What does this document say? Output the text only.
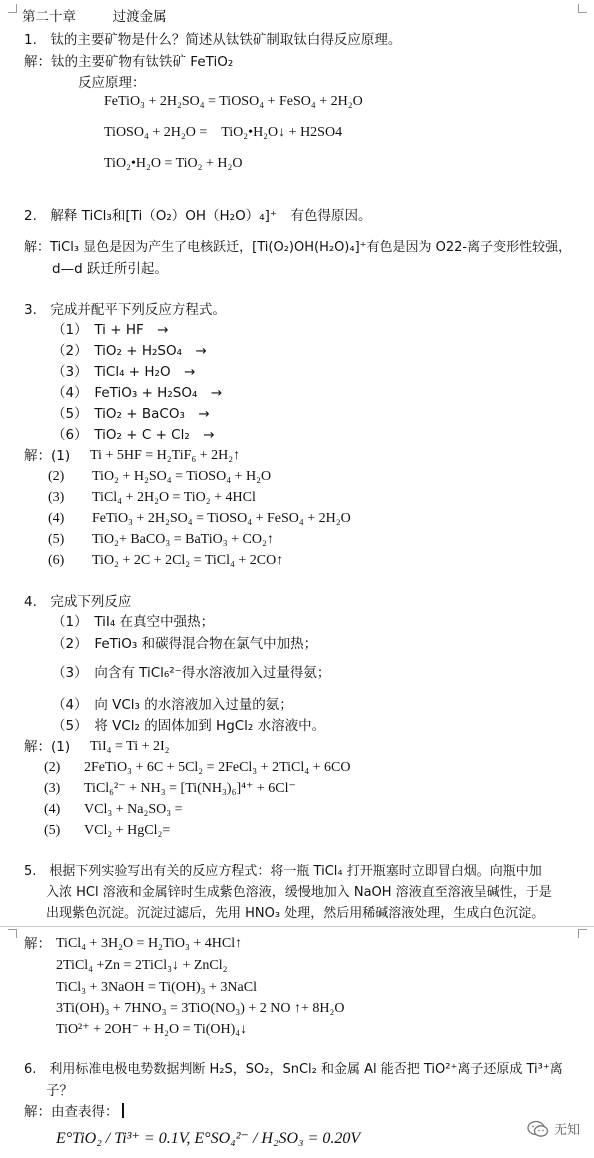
第二十章	过渡金属
1.　钛的主要矿物是什么？简述从钛铁矿制取钛白得反应原理。
解：钛的主要矿物有钛铁矿 FeTiO₂
反应原理：
FeTiO₃ + 2H₂SO₄ = TiOSO₄ + FeSO₄ + 2H₂O
TiOSO₄ + 2H₂O =　TiO₂•H₂O↓ + H2SO4
TiO₂•H₂O = TiO₂ + H₂O
2.　解释 TiCl₃和[Ti（O₂）OH（H₂O）₄]⁺　有色得原因。
解：TiCl₃ 显色是因为产生了电核跃迁，[Ti(O₂)OH(H₂O)₄]⁺有色是因为 O22-离子变形性较强，
d—d 跃迁所引起。
3.　完成并配平下列反应方程式。
（1）　Ti + HF　→
（2）　TiO₂ + H₂SO₄　→
（3）　TiCl₄ + H₂O　→
（4）　FeTiO₃ + H₂SO₄　→
（5）　TiO₂ + BaCO₃　→
（6）　TiO₂ + C + Cl₂　→
解：(1) Ti + 5HF = H₂TiF₆ + 2H₂↑
(2) TiO₂ + H₂SO₄ = TiOSO₄ + H₂O
(3) TiCl₄ + 2H₂O = TiO₂ + 4HCl
(4) FeTiO₃ + 2H₂SO₄ = TiOSO₄ + FeSO₄ + 2H₂O
(5) TiO₂+ BaCO₃ = BaTiO₃ + CO₂↑
(6) TiO₂ + 2C + 2Cl₂ = TiCl₄ + 2CO↑
4.　完成下列反应
（1）　TiI₄ 在真空中强热；
（2）　FeTiO₃ 和碳得混合物在氯气中加热；
（3）　向含有 TiCl₆²⁻得水溶液加入过量得氨；
（4）　向 VCl₃ 的水溶液加入过量的氨；
（5）　将 VCl₂ 的固体加到 HgCl₂ 水溶液中。
解：(1) TiI₄ = Ti + 2I₂
(2) 2FeTiO₃ + 6C + 5Cl₂ = 2FeCl₃ + 2TiCl₄ + 6CO
(3) TiCl₆²⁻ + NH₃ = [Ti(NH₃)₆]⁴⁺ + 6Cl⁻
(4) VCl₃ + Na₂SO₃ =
(5) VCl₂ + HgCl₂=
5.　根据下列实验写出有关的反应方程式：将一瓶 TiCl₄ 打开瓶塞时立即冒白烟。向瓶中加
入浓 HCl 溶液和金属锌时生成紫色溶液，缓慢地加入 NaOH 溶液直至溶液呈碱性，于是
出现紫色沉淀。沉淀过滤后，先用 HNO₃ 处理，然后用稀碱溶液处理，生成白色沉淀。
解： TiCl₄ + 3H₂O = H₂TiO₃ + 4HCl↑
2TiCl₄ +Zn = 2TiCl₃↓ + ZnCl₂
TiCl₃ + 3NaOH = Ti(OH)₃ + 3NaCl
3Ti(OH)₃ + 7HNO₃ = 3TiO(NO₃) + 2 NO ↑+ 8H₂O
TiO²⁺ + 2OH⁻ + H₂O = Ti(OH)₄↓
6.　利用标准电极电势数据判断 H₂S，SO₂，SnCl₂ 和金属 Al 能否把 TiO²⁺离子还原成 Ti³⁺离
子？
解：由查表得：
E°TiO₂ / Ti³⁺ = 0.1V, E°SO₄²⁻ / H₂SO₃ = 0.20V	无知
